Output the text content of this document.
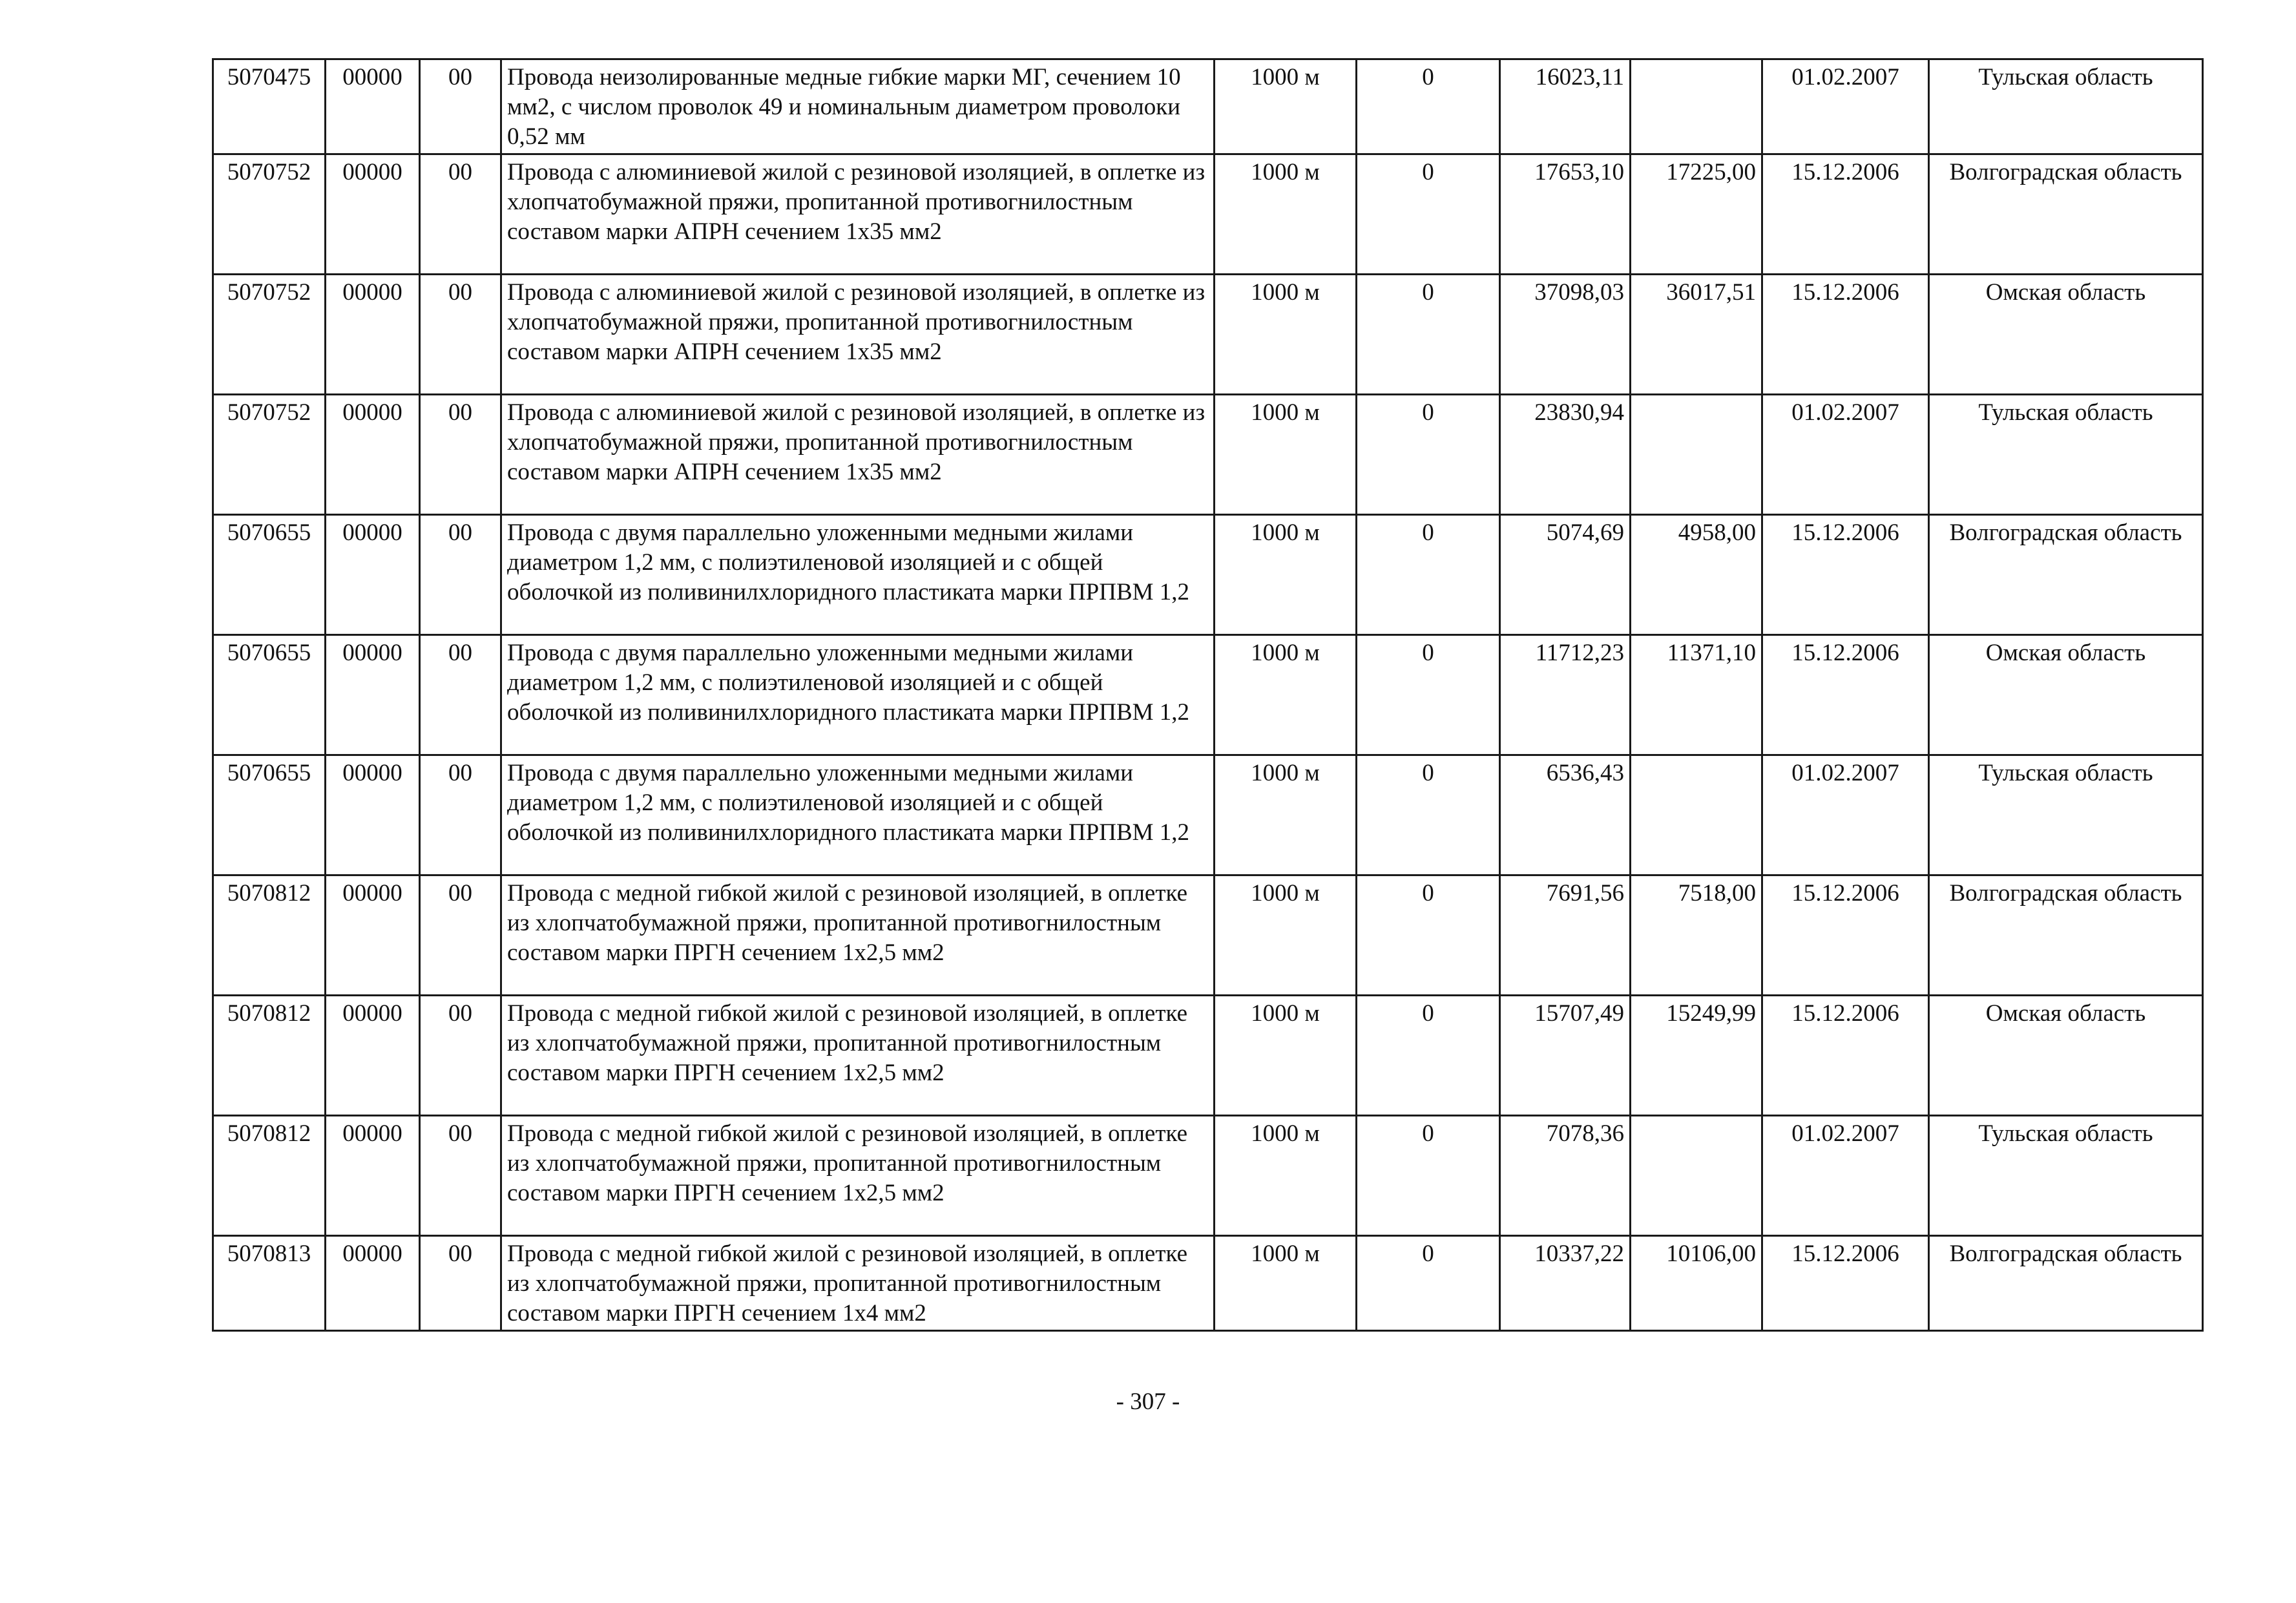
5070475	00000	00	Провода неизолированные медные гибкие марки МГ, сечением 10 мм2, с числом проволок 49 и номинальным диаметром проволоки 0,52 мм	1000 м	0	16023,11		01.02.2007	Тульская область
5070752	00000	00	Провода с алюминиевой жилой с резиновой изоляцией, в оплетке из хлопчатобумажной пряжи, пропитанной противогнилостным составом марки АПРН сечением 1х35 мм2	1000 м	0	17653,10	17225,00	15.12.2006	Волгоградская область
5070752	00000	00	Провода с алюминиевой жилой с резиновой изоляцией, в оплетке из хлопчатобумажной пряжи, пропитанной противогнилостным составом марки АПРН сечением 1х35 мм2	1000 м	0	37098,03	36017,51	15.12.2006	Омская область
5070752	00000	00	Провода с алюминиевой жилой с резиновой изоляцией, в оплетке из хлопчатобумажной пряжи, пропитанной противогнилостным составом марки АПРН сечением 1х35 мм2	1000 м	0	23830,94		01.02.2007	Тульская область
5070655	00000	00	Провода с двумя параллельно уложенными медными жилами диаметром 1,2 мм, с полиэтиленовой изоляцией и с общей оболочкой из поливинилхлоридного пластиката марки ПРПВМ 1,2	1000 м	0	5074,69	4958,00	15.12.2006	Волгоградская область
5070655	00000	00	Провода с двумя параллельно уложенными медными жилами диаметром 1,2 мм, с полиэтиленовой изоляцией и с общей оболочкой из поливинилхлоридного пластиката марки ПРПВМ 1,2	1000 м	0	11712,23	11371,10	15.12.2006	Омская область
5070655	00000	00	Провода с двумя параллельно уложенными медными жилами диаметром 1,2 мм, с полиэтиленовой изоляцией и с общей оболочкой из поливинилхлоридного пластиката марки ПРПВМ 1,2	1000 м	0	6536,43		01.02.2007	Тульская область
5070812	00000	00	Провода с медной гибкой жилой с резиновой изоляцией, в оплетке из хлопчатобумажной пряжи, пропитанной противогнилостным составом марки ПРГН сечением 1х2,5 мм2	1000 м	0	7691,56	7518,00	15.12.2006	Волгоградская область
5070812	00000	00	Провода с медной гибкой жилой с резиновой изоляцией, в оплетке из хлопчатобумажной пряжи, пропитанной противогнилостным составом марки ПРГН сечением 1х2,5 мм2	1000 м	0	15707,49	15249,99	15.12.2006	Омская область
5070812	00000	00	Провода с медной гибкой жилой с резиновой изоляцией, в оплетке из хлопчатобумажной пряжи, пропитанной противогнилостным составом марки ПРГН сечением 1х2,5 мм2	1000 м	0	7078,36		01.02.2007	Тульская область
5070813	00000	00	Провода с медной гибкой жилой с резиновой изоляцией, в оплетке из хлопчатобумажной пряжи, пропитанной противогнилостным составом марки ПРГН сечением 1х4 мм2	1000 м	0	10337,22	10106,00	15.12.2006	Волгоградская область
- 307 -
